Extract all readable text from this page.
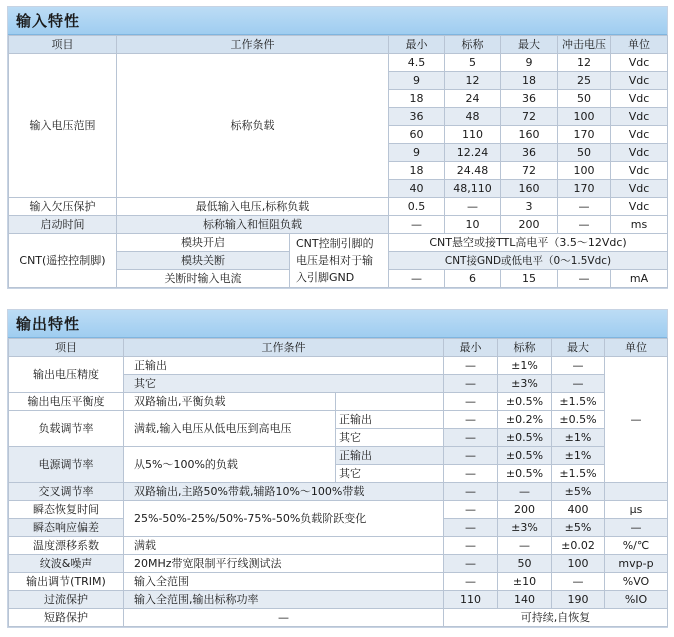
输入特性
项目	工作条件		最小	标称	最大	冲击电压	单位
输入电压范围	标称负载		4.5	5	9	12	Vdc
			9	12	18	25	Vdc
			18	24	36	50	Vdc
			36	48	72	100	Vdc
			60	110	160	170	Vdc
			9	12.24	36	50	Vdc
			18	24.48	72	100	Vdc
			40	48,110	160	170	Vdc
输入欠压保护	最低输入电压,标称负载		0.5	—	3	—	Vdc
启动时间	标称输入和恒阻负载		—	10	200	—	ms
CNT(遥控控制脚)	模块开启	CNT控制引脚的电压是相对于输入引脚GND	CNT悬空或接TTL高电平（3.5～12Vdc)				
	模块关断		CNT接GND或低电平（0～1.5Vdc)				
	关断时输入电流		—	6	15	—	mA
输出特性
项目	工作条件		最小	标称	最大	单位
输出电压精度	正输出		—	±1%	—	—
	其它		—	±3%	—	
输出电压平衡度	双路输出,平衡负载		—	±0.5%	±1.5%	
负载调节率	满载,输入电压从低电压到高电压	正输出	—	±0.2%	±0.5%	
		其它	—	±0.5%	±1%	
电源调节率	从5%～100%的负载	正输出	—	±0.5%	±1%	
		其它	—	±0.5%	±1.5%	
交叉调节率	双路输出,主路50%带载,辅路10%～100%带载		—	—	±5%	
瞬态恢复时间	25%-50%-25%/50%-75%-50%负载阶跃变化		—	200	400	μs
瞬态响应偏差			—	±3%	±5%	—
温度漂移系数	满载		—	—	±0.02	%/℃
纹波&噪声	20MHz带宽限制平行线测试法		—	50	100	mvp-p
输出调节(TRIM)	输入全范围		—	±10	—	%VO
过流保护	输入全范围,输出标称功率		110	140	190	%IO
短路保护	—		可持续,自恢复			
